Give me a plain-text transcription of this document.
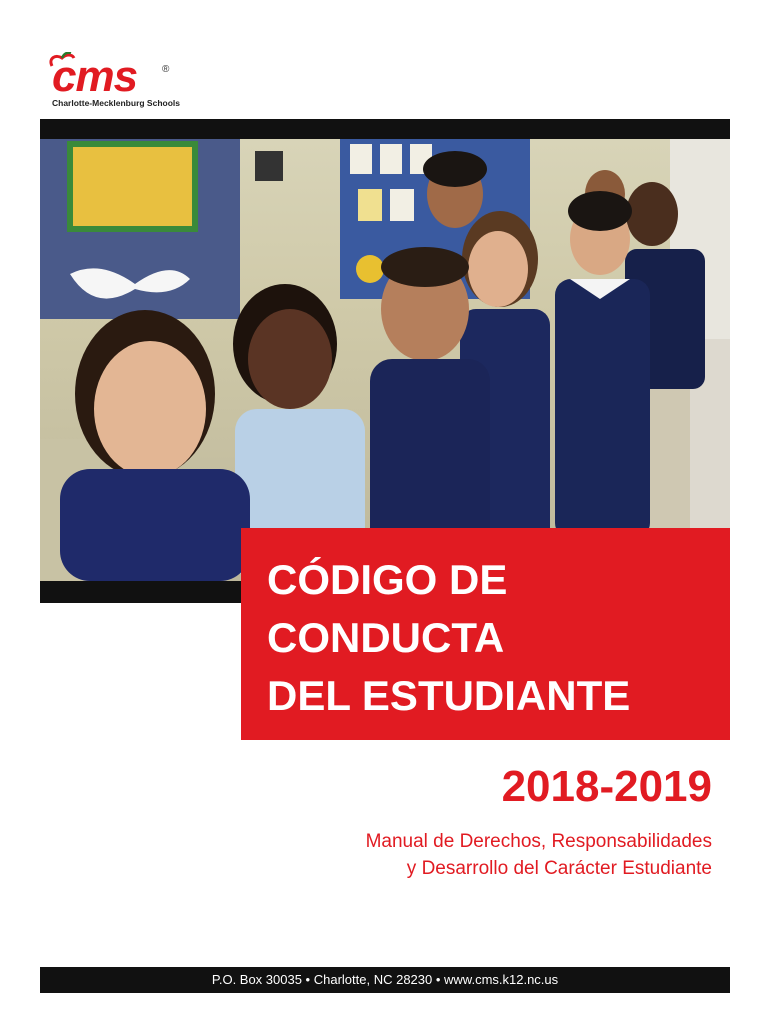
cms ®
Charlotte-Mecklenburg Schools
CÓDIGO DE
CONDUCTA
DEL ESTUDIANTE
2018-2019
Manual de Derechos, Responsabilidades
y Desarrollo del Carácter Estudiante
P.O. Box 30035 • Charlotte, NC 28230 • www.cms.k12.nc.us
